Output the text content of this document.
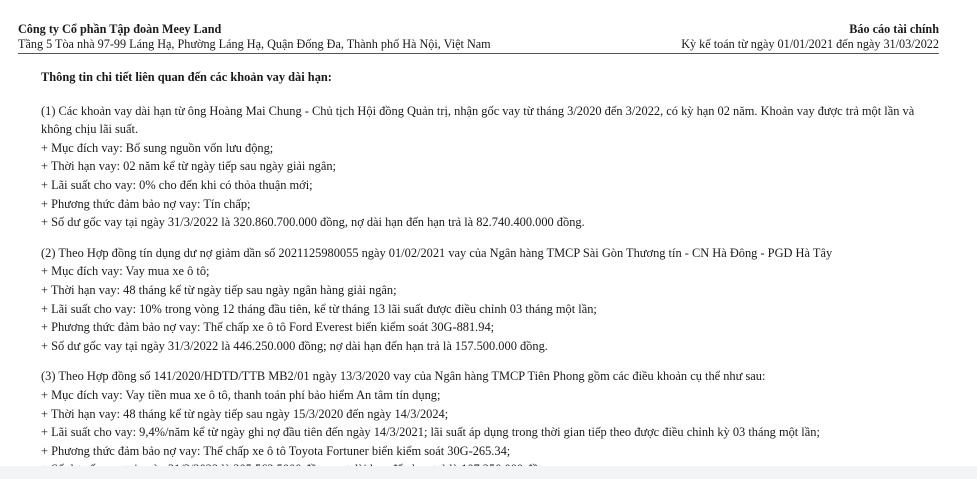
Công ty Cổ phần Tập đoàn Meey Land
Tầng 5 Tòa nhà 97-99 Láng Hạ, Phường Láng Hạ, Quận Đống Đa, Thành phố Hà Nội, Việt Nam
Báo cáo tài chính
Kỳ kế toán từ ngày 01/01/2021 đến ngày 31/03/2022

Thông tin chi tiết liên quan đến các khoản vay dài hạn:

(1) Các khoản vay dài hạn từ ông Hoàng Mai Chung - Chủ tịch Hội đồng Quản trị, nhận gốc vay từ tháng 3/2020 đến 3/2022, có kỳ hạn 02 năm. Khoản vay được trả một lần và không chịu lãi suất.

+ Mục đích vay: Bổ sung nguồn vốn lưu động;

+ Thời hạn vay: 02 năm kể từ ngày tiếp sau ngày giải ngân;

+ Lãi suất cho vay: 0% cho đến khi có thỏa thuận mới;

+ Phương thức đảm bảo nợ vay: Tín chấp;

+ Số dư gốc vay tại ngày 31/3/2022 là 320.860.700.000 đồng, nợ dài hạn đến hạn trả là 82.740.400.000 đồng.

(2) Theo Hợp đồng tín dụng dư nợ giảm dần số 2021125980055 ngày 01/02/2021 vay của Ngân hàng TMCP Sài Gòn Thương tín - CN Hà Đông - PGD Hà Tây

+ Mục đích vay: Vay mua xe ô tô;

+ Thời hạn vay: 48 tháng kể từ ngày tiếp sau ngày ngân hàng giải ngân;

+ Lãi suất cho vay: 10% trong vòng 12 tháng đầu tiên, kể từ tháng 13 lãi suất được điều chỉnh 03 tháng một lần;

+ Phương thức đảm bảo nợ vay: Thế chấp xe ô tô Ford Everest biển kiểm soát 30G-881.94;

+ Số dư gốc vay tại ngày 31/3/2022 là 446.250.000 đồng; nợ dài hạn đến hạn trả là 157.500.000 đồng.

(3) Theo Hợp đồng số 141/2020/HDTD/TTB MB2/01 ngày 13/3/2020 vay của Ngân hàng TMCP Tiên Phong gồm các điều khoản cụ thể như sau:

+ Mục đích vay: Vay tiền mua xe ô tô, thanh toán phí bảo hiểm An tâm tín dụng;

+ Thời hạn vay: 48 tháng kể từ ngày tiếp sau ngày 15/3/2020 đến ngày 14/3/2024;

+ Lãi suất cho vay: 9,4%/năm kể từ ngày ghi nợ đầu tiên đến ngày 14/3/2021; lãi suất áp dụng trong thời gian tiếp theo được điều chỉnh kỳ 03 tháng một lần;

+ Phương thức đảm bảo nợ vay: Thế chấp xe ô tô Toyota Fortuner biển kiểm soát 30G-265.34;
